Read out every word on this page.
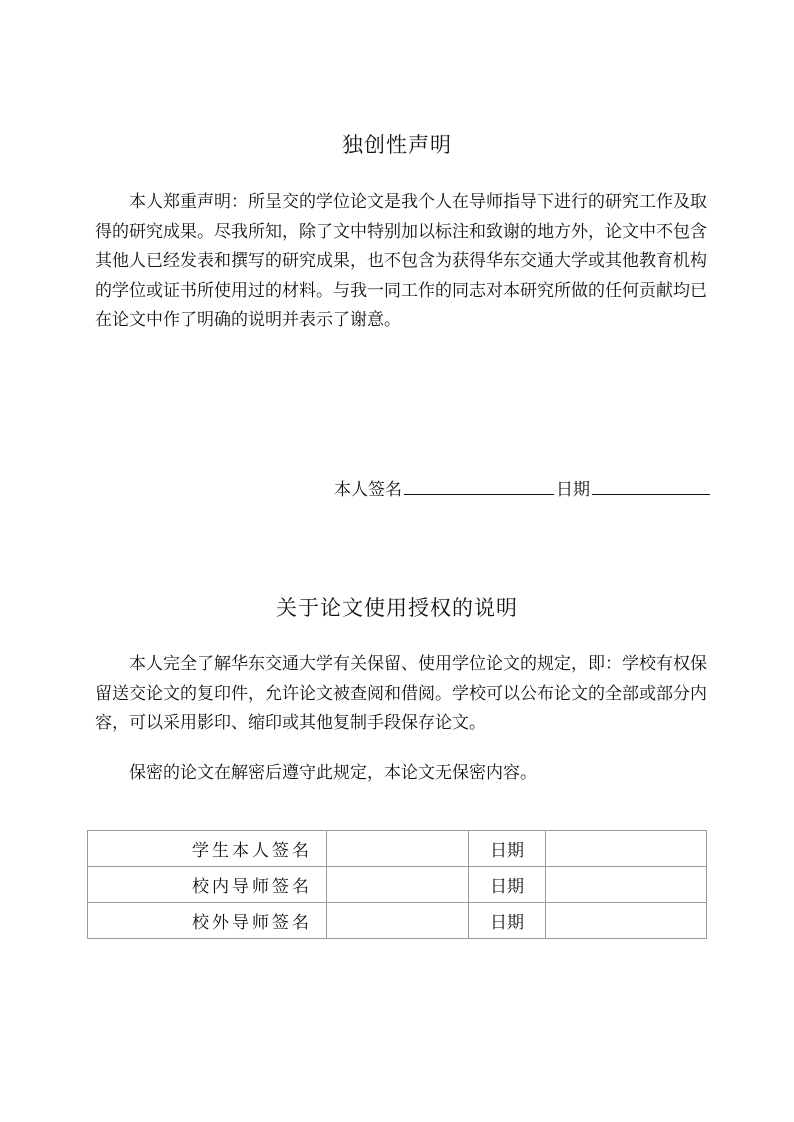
独创性声明

本人郑重声明：所呈交的学位论文是我个人在导师指导下进行的研究工作及取得的研究成果。尽我所知，除了文中特别加以标注和致谢的地方外，论文中不包含其他人已经发表和撰写的研究成果，也不包含为获得华东交通大学或其他教育机构的学位或证书所使用过的材料。与我一同工作的同志对本研究所做的任何贡献均已在论文中作了明确的说明并表示了谢意。

本人签名	日期
关于论文使用授权的说明

本人完全了解华东交通大学有关保留、使用学位论文的规定，即：学校有权保留送交论文的复印件，允许论文被查阅和借阅。学校可以公布论文的全部或部分内容，可以采用影印、缩印或其他复制手段保存论文。

保密的论文在解密后遵守此规定，本论文无保密内容。

学生本人签名		日期	
校内导师签名		日期	
校外导师签名		日期	
